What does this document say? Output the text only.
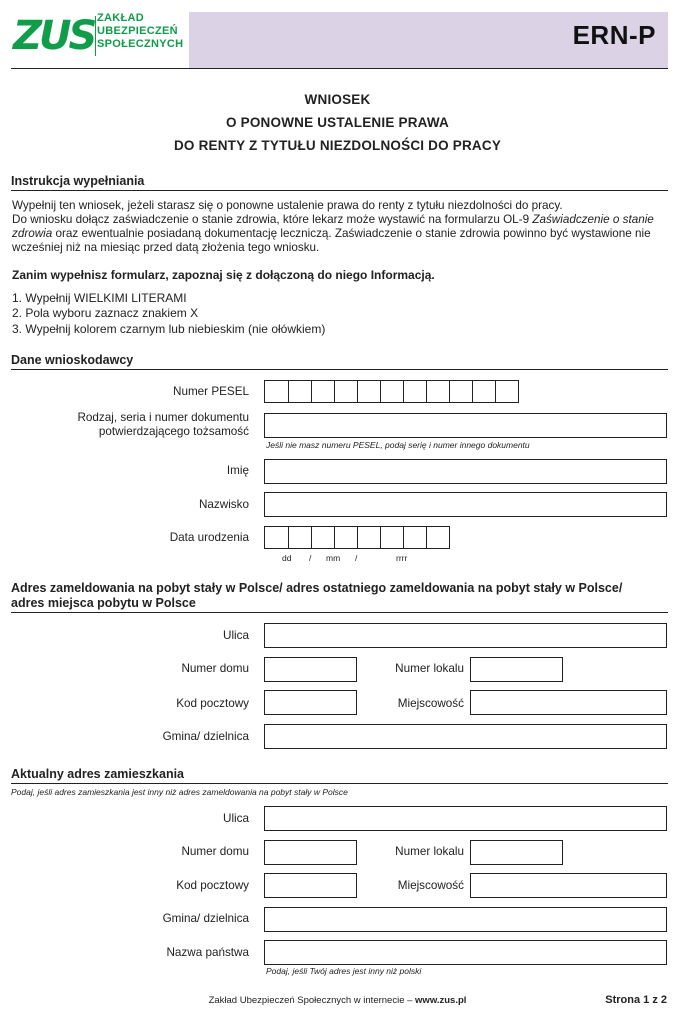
ZUS ZAKŁAD
UBEZPIECZEŃ
SPOŁECZNYCH	ERN-P
WNIOSEK
O PONOWNE USTALENIE PRAWA
DO RENTY Z TYTUŁU NIEZDOLNOŚCI DO PRACY
Instrukcja wypełniania
Wypełnij ten wniosek, jeżeli starasz się o ponowne ustalenie prawa do renty z tytułu niezdolności do pracy.
Do wniosku dołącz zaświadczenie o stanie zdrowia, które lekarz może wystawić na formularzu OL-9 Zaświadczenie o stanie zdrowia oraz ewentualnie posiadaną dokumentację leczniczą. Zaświadczenie o stanie zdrowia powinno być wystawione nie wcześniej niż na miesiąc przed datą złożenia tego wniosku.
Zanim wypełnisz formularz, zapoznaj się z dołączoną do niego Informacją.
1. Wypełnij WIELKIMI LITERAMI
2. Pola wyboru zaznacz znakiem X
3. Wypełnij kolorem czarnym lub niebieskim (nie ołówkiem)
Dane wnioskodawcy
Numer PESEL
Rodzaj, seria i numer dokumentu
potwierdzającego tożsamość
Jeśli nie masz numeru PESEL, podaj serię i numer innego dokumentu
Imię
Nazwisko
Data urodzenia
dd / mm /	rrrr
Adres zameldowania na pobyt stały w Polsce/ adres ostatniego zameldowania na pobyt stały w Polsce/
adres miejsca pobytu w Polsce
Ulica
Numer domu	Numer lokalu
Kod pocztowy	Miejscowość
Gmina/ dzielnica
Aktualny adres zamieszkania
Podaj, jeśli adres zamieszkania jest inny niż adres zameldowania na pobyt stały w Polsce
Ulica
Numer domu	Numer lokalu
Kod pocztowy	Miejscowość
Gmina/ dzielnica
Nazwa państwa
Podaj, jeśli Twój adres jest inny niż polski
Zakład Ubezpieczeń Społecznych w internecie – www.zus.pl	Strona 1 z 2
